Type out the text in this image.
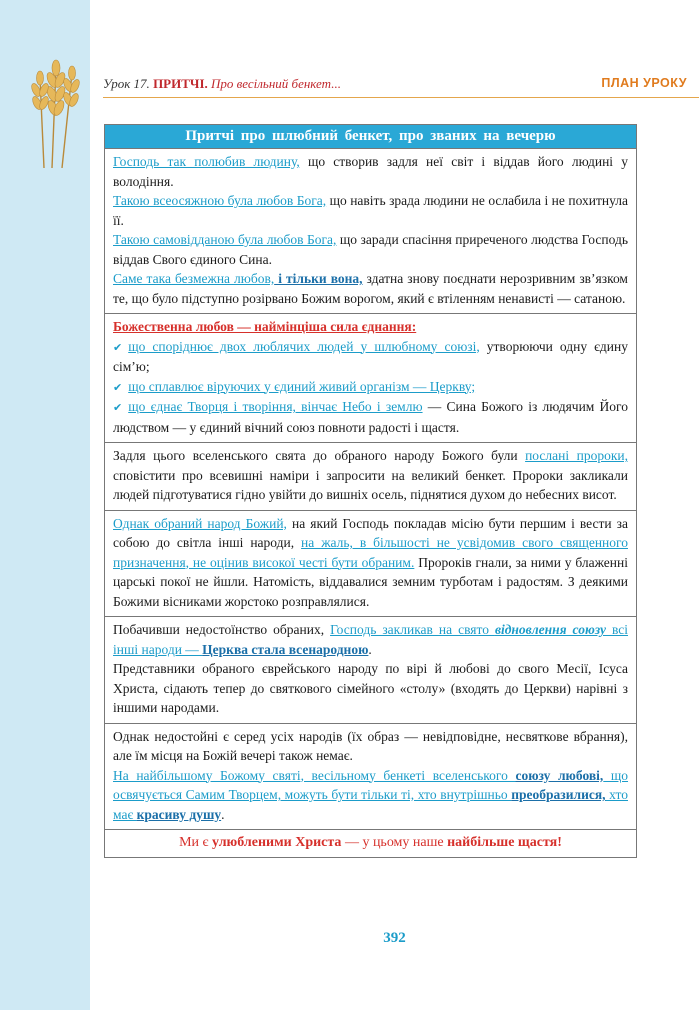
Урок 17. ПРИТЧІ. Про весільний бенкет...	ПЛАН УРОКУ
Притчі про шлюбний бенкет, про званих на вечерю

Господь так полюбив людину, що створив задля неї світ і віддав його людині у володіння.

Такою всеосяжною була любов Бога, що навіть зрада людини не ослабила і не похитнула її.

Такою самовідданою була любов Бога, що заради спасіння приреченого людства Господь віддав Свого єдиного Сина.

Саме така безмежна любов, і тільки вона, здатна знову поєднати нерозривним зв’язком те, що було підступно розірвано Божим ворогом, який є втіленням ненависті — сатаною.

Божественна любов — наймінціша сила єднання:

✔ що споріднює двох люблячих людей у шлюбному союзі, утворюючи одну єдину сім’ю;

✔ що сплавлює віруючих у єдиний живий організм — Церкву;

✔ що єднає Творця і творіння, вінчає Небо і землю — Сина Божого із людячим Його людством — у єдиний вічний союз повноти радості і щастя.

Задля цього вселенського свята до обраного народу Божого були послані пророки, сповістити про всевишні наміри і запросити на великий бенкет. Пророки закликали людей підготуватися гідно увійти до вишніх осель, піднятися духом до небесних висот.

Однак обраний народ Божий, на який Господь покладав місію бути першим і вести за собою до світла інші народи, на жаль, в більшості не усвідомив свого священного призначення, не оцінив високої честі бути обраним. Пророків гнали, за ними у блаженні царські покої не йшли. Натомість, віддавалися земним турботам і радостям. З деякими Божими вісниками жорстоко розправлялися.

Побачивши недостоїнство обраних, Господь закликав на свято відновлення союзу всі інші народи — Церква стала всенародною.

Представники обраного єврейського народу по вірі й любові до свого Месії, Ісуса Христа, сідають тепер до святкового сімейного «столу» (входять до Церкви) нарівні з іншими народами.

Однак недостойні є серед усіх народів (їх образ — невідповідне, несвяткове вбрання), але їм місця на Божій вечері також немає.

На найбільшому Божому святі, весільному бенкеті вселенського союзу любові, що освячується Самим Творцем, можуть бути тільки ті, хто внутрішньо преобразилися, хто має красиву душу.

Ми є улюбленими Христа — у цьому наше найбільше щастя!
392
